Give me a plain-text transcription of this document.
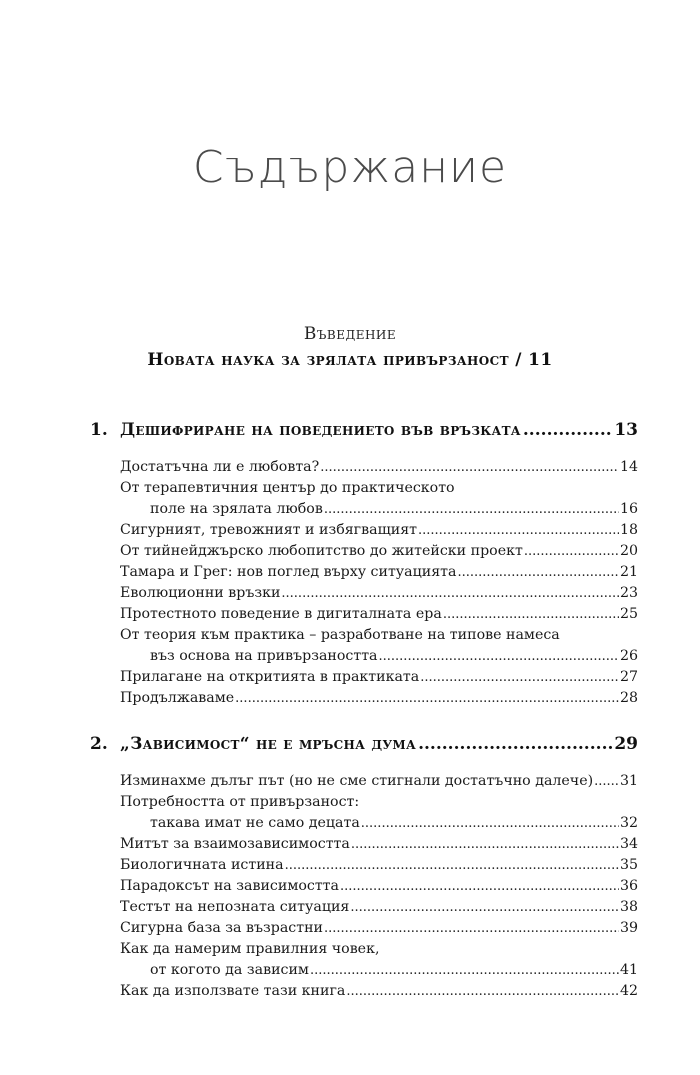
Съдържание
Въведение
Новата наука за зрялата привързаност / 11
1. Дешифриране на поведението във връзката .....	13
Достатъчна ли е любовта? .....	14
От терапевтичния център до практическото
поле на зрялата любов .....	16
Сигурният, тревожният и избягващият .....	18
От тийнейджърско любопитство до житейски проект .....	20
Тамара и Грег: нов поглед върху ситуацията .....	21
Еволюционни връзки .....	23
Протестното поведение в дигиталната ера .....	25
От теория към практика – разработване на типове намеса
въз основа на привързаността .....	26
Прилагане на откритията в практиката .....	27
Продължаваме .....	28
2. „Зависимост“ не е мръсна дума .....	29
Изминахме дълъг път (но не сме стигнали достатъчно далече) ..... 31
Потребността от привързаност:
такава имат не само децата .....	32
Митът за взаимозависимостта .....	34
Биологичната истина .....	35
Парадоксът на зависимостта .....	36
Тестът на непозната ситуация .....	38
Сигурна база за възрастни .....	39
Как да намерим правилния човек,
от когото да зависим .....	41
Как да използвате тази книга .....	42
